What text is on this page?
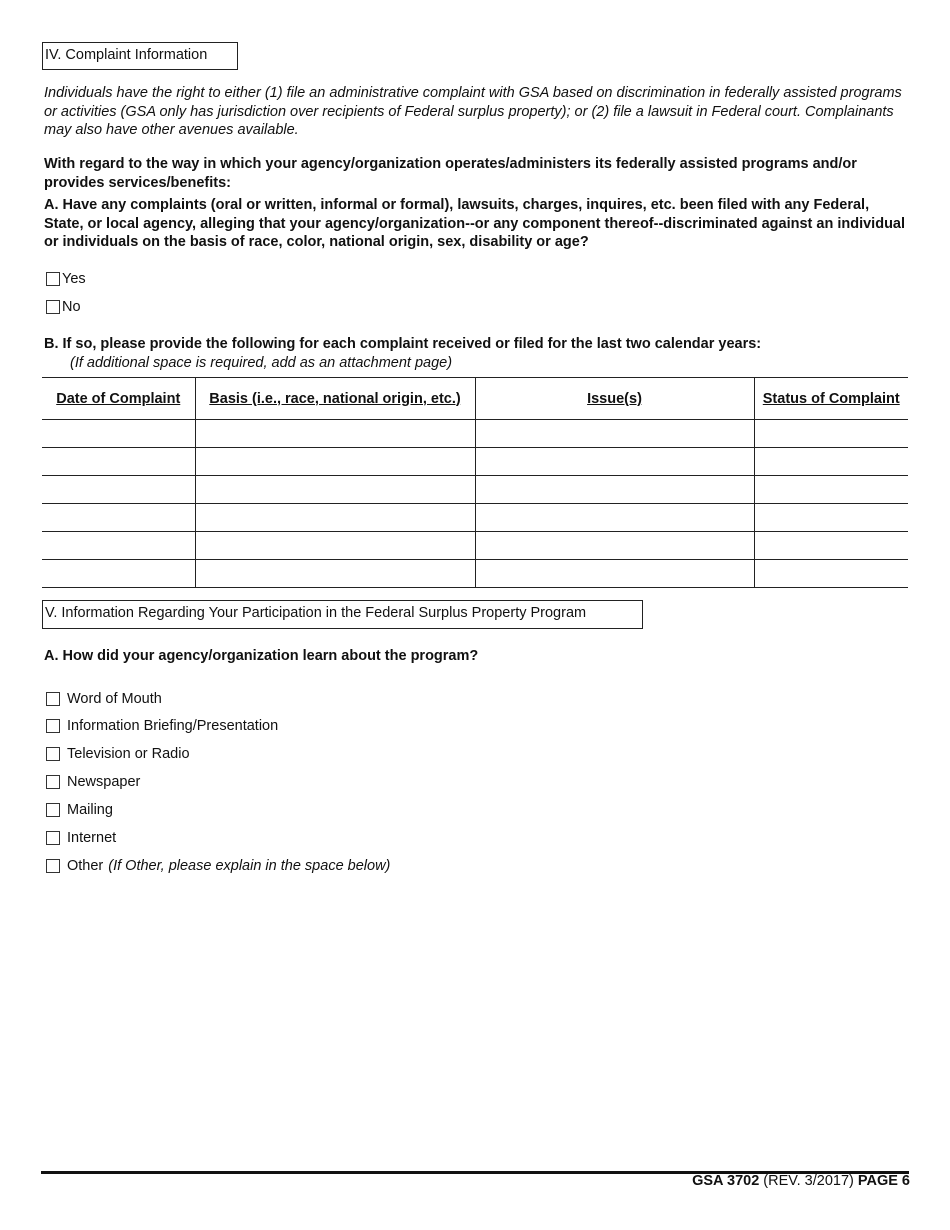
IV. Complaint Information
Individuals have the right to either (1) file an administrative complaint with GSA based on discrimination in federally assisted programs or activities (GSA only has jurisdiction over recipients of Federal surplus property); or (2) file a lawsuit in Federal court. Complainants may also have other avenues available.
With regard to the way in which your agency/organization operates/administers its federally assisted programs and/or provides services/benefits:
A. Have any complaints (oral or written, informal or formal), lawsuits, charges, inquires, etc. been filed with any Federal, State, or local agency, alleging that your agency/organization--or any component thereof--discriminated against an individual or individuals on the basis of race, color, national origin, sex, disability or age?
Yes
No
B. If so, please provide the following for each complaint received or filed for the last two calendar years:
(If additional space is required, add as an attachment page)
Date of Complaint	Basis (i.e., race, national origin, etc.)	Issue(s)	Status of Complaint

V. Information Regarding Your Participation in the Federal Surplus Property Program
A. How did your agency/organization learn about the program?
Word of Mouth
Information Briefing/Presentation
Television or Radio
Newspaper
Mailing
Internet
Other (If Other, please explain in the space below)
GSA 3702 (REV. 3/2017) PAGE 6
